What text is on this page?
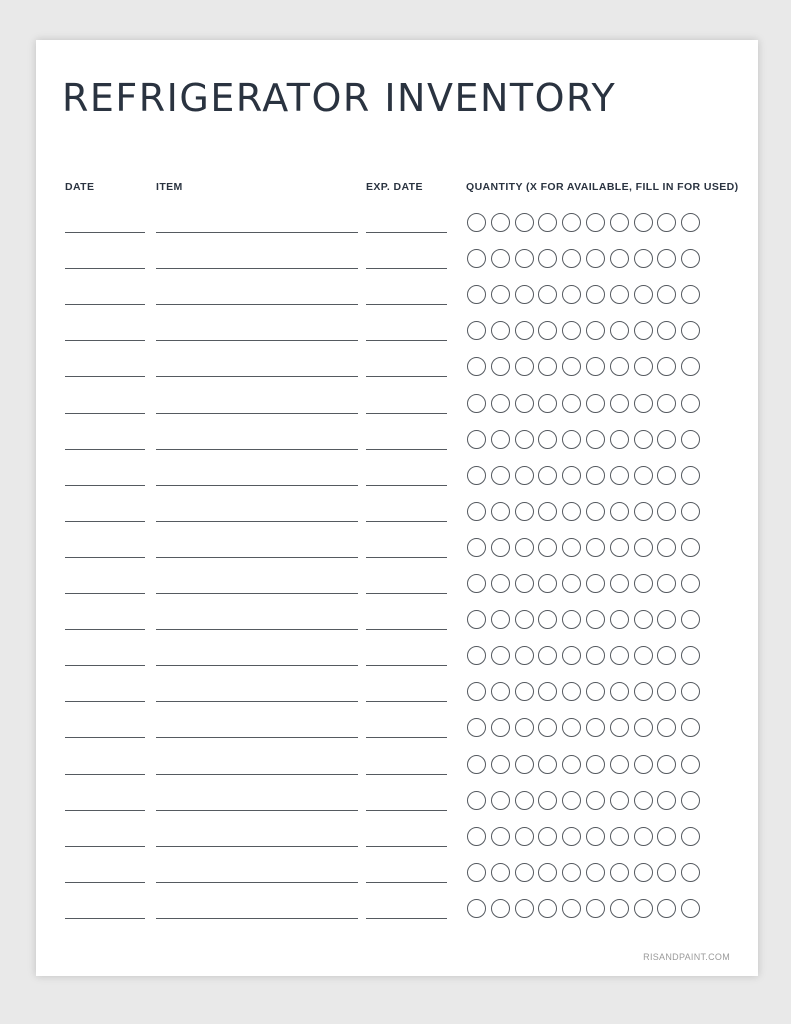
REFRIGERATOR INVENTORY
DATE	ITEM	EXP. DATE	QUANTITY (X FOR AVAILABLE, FILL IN FOR USED)
RISANDPAINT.COM
